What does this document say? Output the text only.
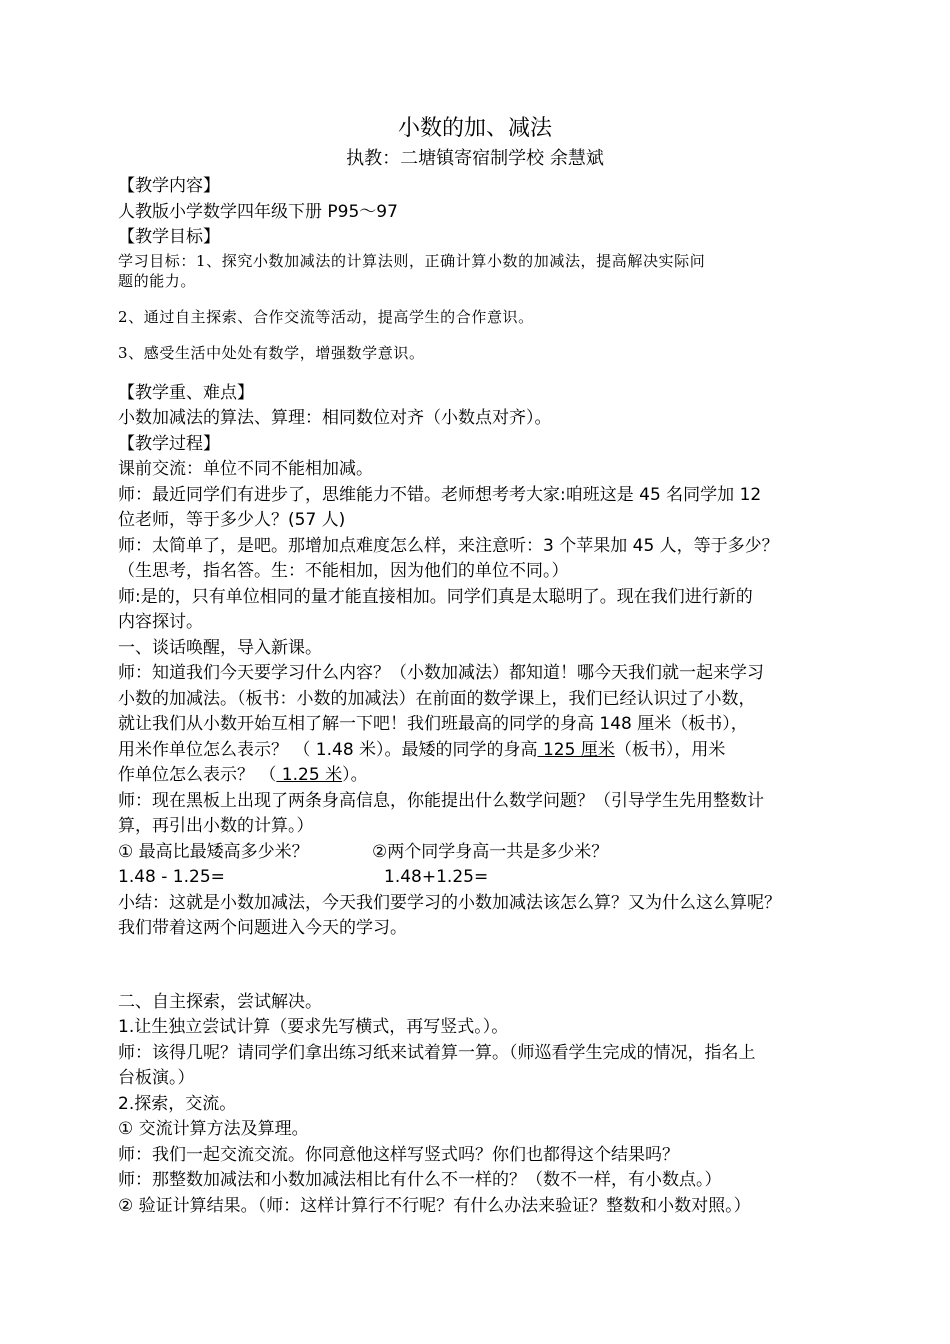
小数的加、减法
执教：二塘镇寄宿制学校 余慧斌

【教学内容】

人教版小学数学四年级下册 P95～97

【教学目标】

学习目标：1、探究小数加减法的计算法则，正确计算小数的加减法，提高解决实际问

题的能力。

2、通过自主探索、合作交流等活动，提高学生的合作意识。

3、感受生活中处处有数学，增强数学意识。

【教学重、难点】

小数加减法的算法、算理：相同数位对齐（小数点对齐）。

【教学过程】

课前交流：单位不同不能相加减。

师：最近同学们有进步了，思维能力不错。老师想考考大家:咱班这是 45 名同学加 12

位老师，等于多少人？(57 人)

师：太简单了，是吧。那增加点难度怎么样，来注意听：3 个苹果加 45 人，等于多少？

（生思考，指名答。生：不能相加，因为他们的单位不同。）

师:是的，只有单位相同的量才能直接相加。同学们真是太聪明了。现在我们进行新的

内容探讨。

一、谈话唤醒，导入新课。

师：知道我们今天要学习什么内容？（小数加减法）都知道！哪今天我们就一起来学习

小数的加减法。（板书：小数的加减法）在前面的数学课上，我们已经认识过了小数，

就让我们从小数开始互相了解一下吧！我们班最高的同学的身高 148 厘米（板书），

用米作单位怎么表示？ （ 1.48 米）。最矮的同学的身高 125 厘米（板书），用米

作单位怎么表示？ （ 1.25 米）。

师：现在黑板上出现了两条身高信息，你能提出什么数学问题？（引导学生先用整数计

算，再引出小数的计算。）

① 最高比最矮高多少米？	②两个同学身高一共是多少米？

1.48 - 1.25=	1.48+1.25=

小结：这就是小数加减法，今天我们要学习的小数加减法该怎么算？又为什么这么算呢？

我们带着这两个问题进入今天的学习。

二、自主探索，尝试解决。

1.让生独立尝试计算（要求先写横式，再写竖式。）。

师：该得几呢？请同学们拿出练习纸来试着算一算。（师巡看学生完成的情况，指名上

台板演。）

2.探索，交流。

① 交流计算方法及算理。

师：我们一起交流交流。你同意他这样写竖式吗？你们也都得这个结果吗？

师：那整数加减法和小数加减法相比有什么不一样的？（数不一样，有小数点。）

② 验证计算结果。（师：这样计算行不行呢？有什么办法来验证？整数和小数对照。）
